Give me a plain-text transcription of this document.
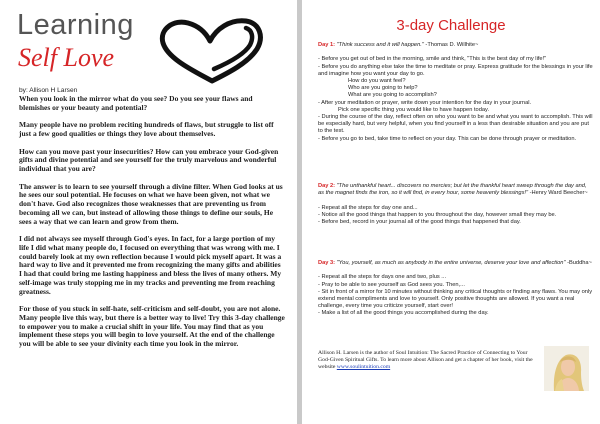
Learning
Self Love
by: Allison H Larsen

When you look in the mirror what do you see? Do you see your flaws and blemishes or your beauty and potential?

Many people have no problem reciting hundreds of flaws, but struggle to list off just a few good qualities or things they love about themselves.

How can you move past your insecurities? How can you embrace your God-given gifts and divine potential and see yourself for the truly marvelous and wonderful individual that you are?

The answer is to learn to see yourself through a divine filter. When God looks at us he sees our soul potential. He focuses on what we have been given, not what we don't have. God also recognizes those weaknesses that are preventing us from becoming all we can, but instead of allowing those things to define our souls, He sees a way that we can learn and grow from them.

I did not always see myself through God's eyes. In fact, for a large portion of my life I did what many people do, I focused on everything that was wrong with me. I could barely look at my own reflection because I would pick myself apart. It was a hard way to live and it prevented me from recognizing the many gifts and abilities I had that could bring me lasting happiness and bless the lives of many others. My self-image was truly stopping me in my tracks and preventing me from reaching greatness.

For those of you stuck in self-hate, self-criticism and self-doubt, you are not alone. Many people live this way, but there is a better way to live! Try this 3-day challenge to empower you to make a crucial shift in your life. You may find that as you implement these steps you will begin to love yourself. At the end of the challenge you will be able to see your divinity each time you look in the mirror.

3-day Challenge

Day 1: "Think success and it will happen." -Thomas D. Willhite~

- Before you get out of bed in the morning, smile and think, "This is the best day of my life!"

- Before you do anything else take the time to meditate or pray. Express gratitude for the blessings in your life and imagine how you want your day to go.

How do you want feel?

Who are you going to help?

What are you going to accomplish?

- After your meditation or prayer, write down your intention for the day in your journal.

Pick one specific thing you would like to have happen today.

- During the course of the day, reflect often on who you want to be and what you want to accomplish. This will be especially hard, but very helpful, when you find yourself in a less than desirable situation and you are put to the test.

- Before you go to bed, take time to reflect on your day. This can be done through prayer or meditation.

Day 2: "The unthankful heart... discovers no mercies; but let the thankful heart sweep through the day and, as the magnet finds the iron, so it will find, in every hour, some heavenly blessings!" -Henry Ward Beecher~

- Repeat all the steps for day one and...

- Notice all the good things that happen to you throughout the day, however small they may be.

- Before bed, record in your journal all of the good things that happened that day.

Day 3: "You, yourself, as much as anybody in the entire universe, deserve your love and affection" -Buddha~

- Repeat all the steps for days one and two, plus ...

- Pray to be able to see yourself as God sees you. Then,...

- Sit in front of a mirror for 10 minutes without thinking any critical thoughts or finding any flaws. You may only extend mental compliments and love to yourself. Only positive thoughts are allowed. If you want a real challenge, every time you criticize yourself, start over!

- Make a list of all the good things you accomplished during the day.

Allison H. Larsen is the author of Soul Intuition: The Sacred Practice of Connecting to Your God-Given Spiritual Gifts. To learn more about Allison and get a chapter of her book, visit the website www.soulintuition.com
